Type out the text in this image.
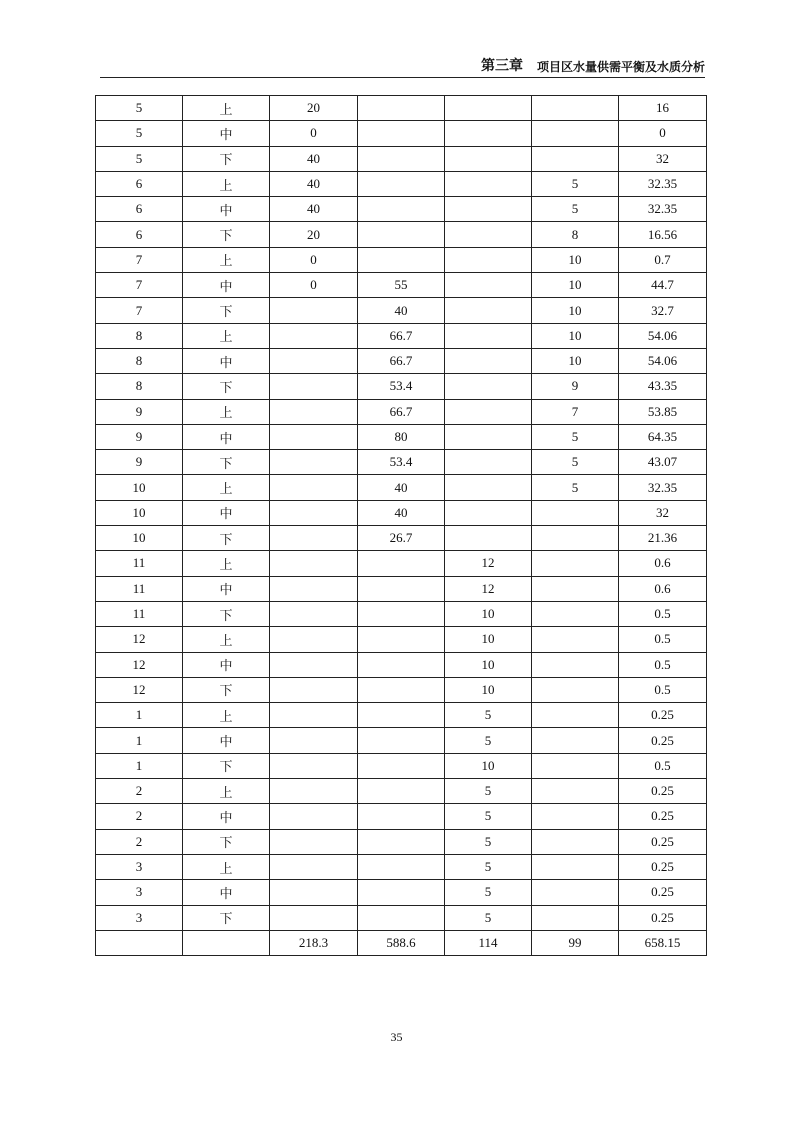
第三章 项目区水量供需平衡及水质分析
5	上	20				16
5	中	0				0
5	下	40				32
6	上	40			5	32.35
6	中	40			5	32.35
6	下	20			8	16.56
7	上	0			10	0.7
7	中	0	55		10	44.7
7	下		40		10	32.7
8	上		66.7		10	54.06
8	中		66.7		10	54.06
8	下		53.4		9	43.35
9	上		66.7		7	53.85
9	中		80		5	64.35
9	下		53.4		5	43.07
10	上		40		5	32.35
10	中		40			32
10	下		26.7			21.36
11	上			12		0.6
11	中			12		0.6
11	下			10		0.5
12	上			10		0.5
12	中			10		0.5
12	下			10		0.5
1	上			5		0.25
1	中			5		0.25
1	下			10		0.5
2	上			5		0.25
2	中			5		0.25
2	下			5		0.25
3	上			5		0.25
3	中			5		0.25
3	下			5		0.25
		218.3	588.6	114	99	658.15
35
